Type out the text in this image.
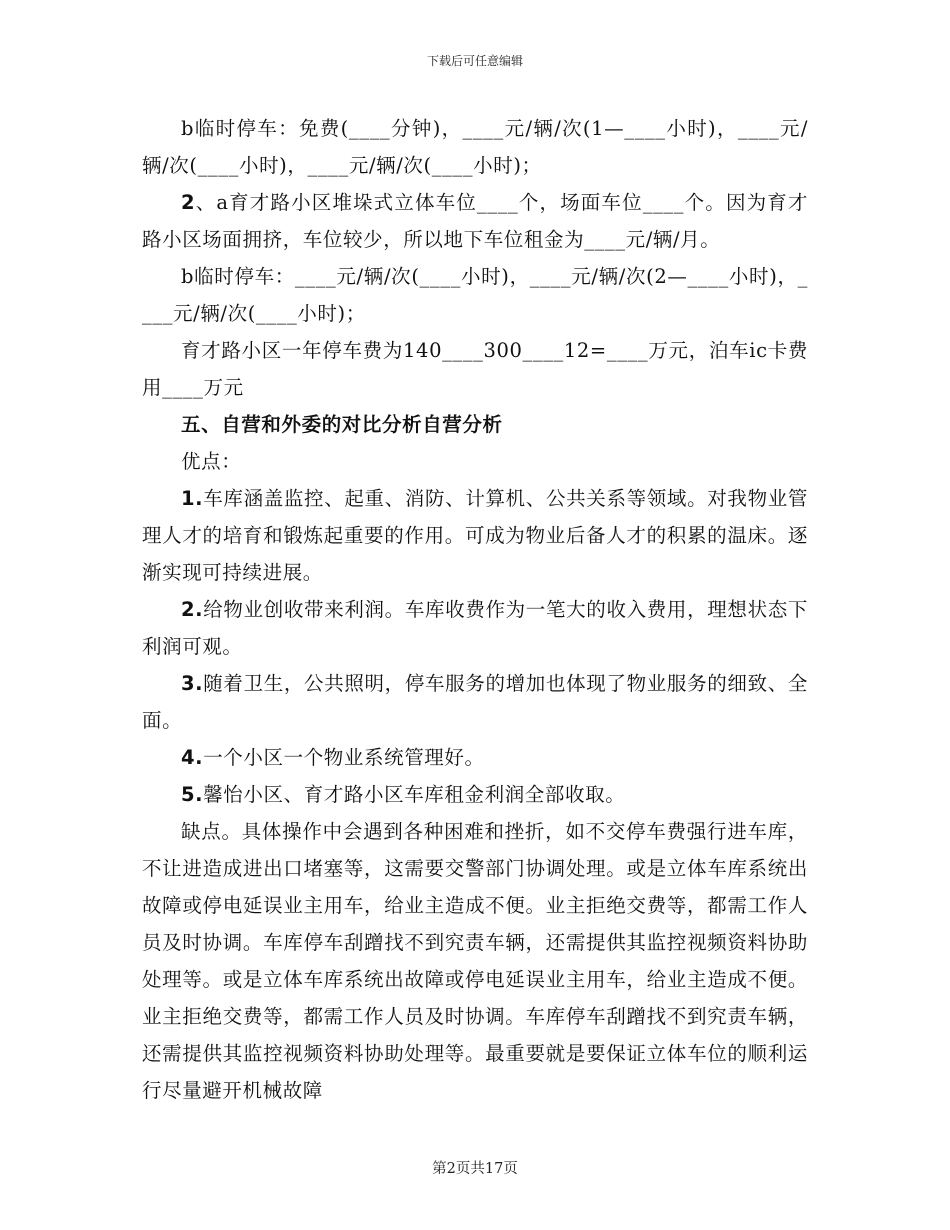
下载后可任意编辑

b临时停车：免费(____分钟)，____元/辆/次(1—____小时)，____元/辆/次(____小时)，____元/辆/次(____小时)；

2、a育才路小区堆垛式立体车位____个，场面车位____个。因为育才路小区场面拥挤，车位较少，所以地下车位租金为____元/辆/月。

b临时停车：____元/辆/次(____小时)，____元/辆/次(2—____小时)，____元/辆/次(____小时)；

育才路小区一年停车费为140____300____12=____万元，泊车ic卡费用____万元

五、自营和外委的对比分析自营分析

优点：

1.车库涵盖监控、起重、消防、计算机、公共关系等领域。对我物业管理人才的培育和锻炼起重要的作用。可成为物业后备人才的积累的温床。逐渐实现可持续进展。

2.给物业创收带来利润。车库收费作为一笔大的收入费用，理想状态下利润可观。

3.随着卫生，公共照明，停车服务的增加也体现了物业服务的细致、全面。

4.一个小区一个物业系统管理好。

5.馨怡小区、育才路小区车库租金利润全部收取。

缺点。具体操作中会遇到各种困难和挫折，如不交停车费强行进车库，不让进造成进出口堵塞等，这需要交警部门协调处理。或是立体车库系统出故障或停电延误业主用车，给业主造成不便。业主拒绝交费等，都需工作人员及时协调。车库停车刮蹭找不到究责车辆，还需提供其监控视频资料协助处理等。或是立体车库系统出故障或停电延误业主用车，给业主造成不便。业主拒绝交费等，都需工作人员及时协调。车库停车刮蹭找不到究责车辆，还需提供其监控视频资料协助处理等。最重要就是要保证立体车位的顺利运行尽量避开机械故障

第2页共17页
